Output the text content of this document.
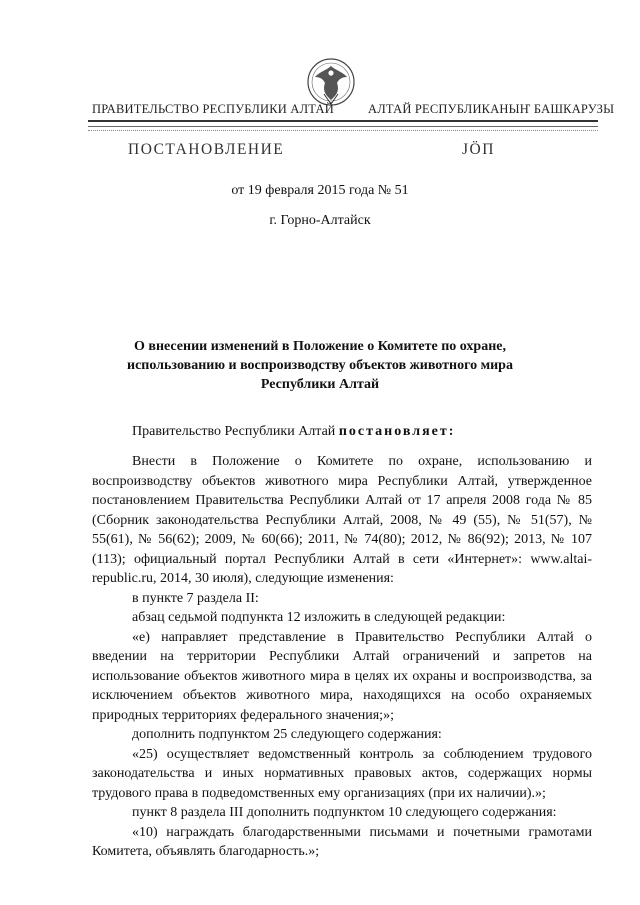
ПРАВИТЕЛЬСТВО РЕСПУБЛИКИ АЛТАЙ	АЛТАЙ РЕСПУБЛИКАНЫҤ БАШКАРУЗЫ
ПОСТАНОВЛЕНИЕ	JÖП
от 19 февраля 2015 года № 51
г. Горно-Алтайск
О внесении изменений в Положение о Комитете по охране,
использованию и воспроизводству объектов животного мира
Республики Алтай
Правительство Республики Алтай постановляет:

Внести в Положение о Комитете по охране, использованию и воспроизводству объектов животного мира Республики Алтай, утвержденное постановлением Правительства Республики Алтай от 17 апреля 2008 года № 85 (Сборник законодательства Республики Алтай, 2008, № 49 (55), № 51(57), № 55(61), № 56(62); 2009, № 60(66); 2011, № 74(80); 2012, № 86(92); 2013, № 107 (113); официальный портал Республики Алтай в сети «Интернет»: www.altai-republic.ru, 2014, 30 июля), следующие изменения:

в пункте 7 раздела II:

абзац седьмой подпункта 12 изложить в следующей редакции:

«е) направляет представление в Правительство Республики Алтай о введении на территории Республики Алтай ограничений и запретов на использование объектов животного мира в целях их охраны и воспроизводства, за исключением объектов животного мира, находящихся на особо охраняемых природных территориях федерального значения;»;

дополнить подпунктом 25 следующего содержания:

«25) осуществляет ведомственный контроль за соблюдением трудового законодательства и иных нормативных правовых актов, содержащих нормы трудового права в подведомственных ему организациях (при их наличии).»;

пункт 8 раздела III дополнить подпунктом 10 следующего содержания:

«10) награждать благодарственными письмами и почетными грамотами Комитета, объявлять благодарность.»;
